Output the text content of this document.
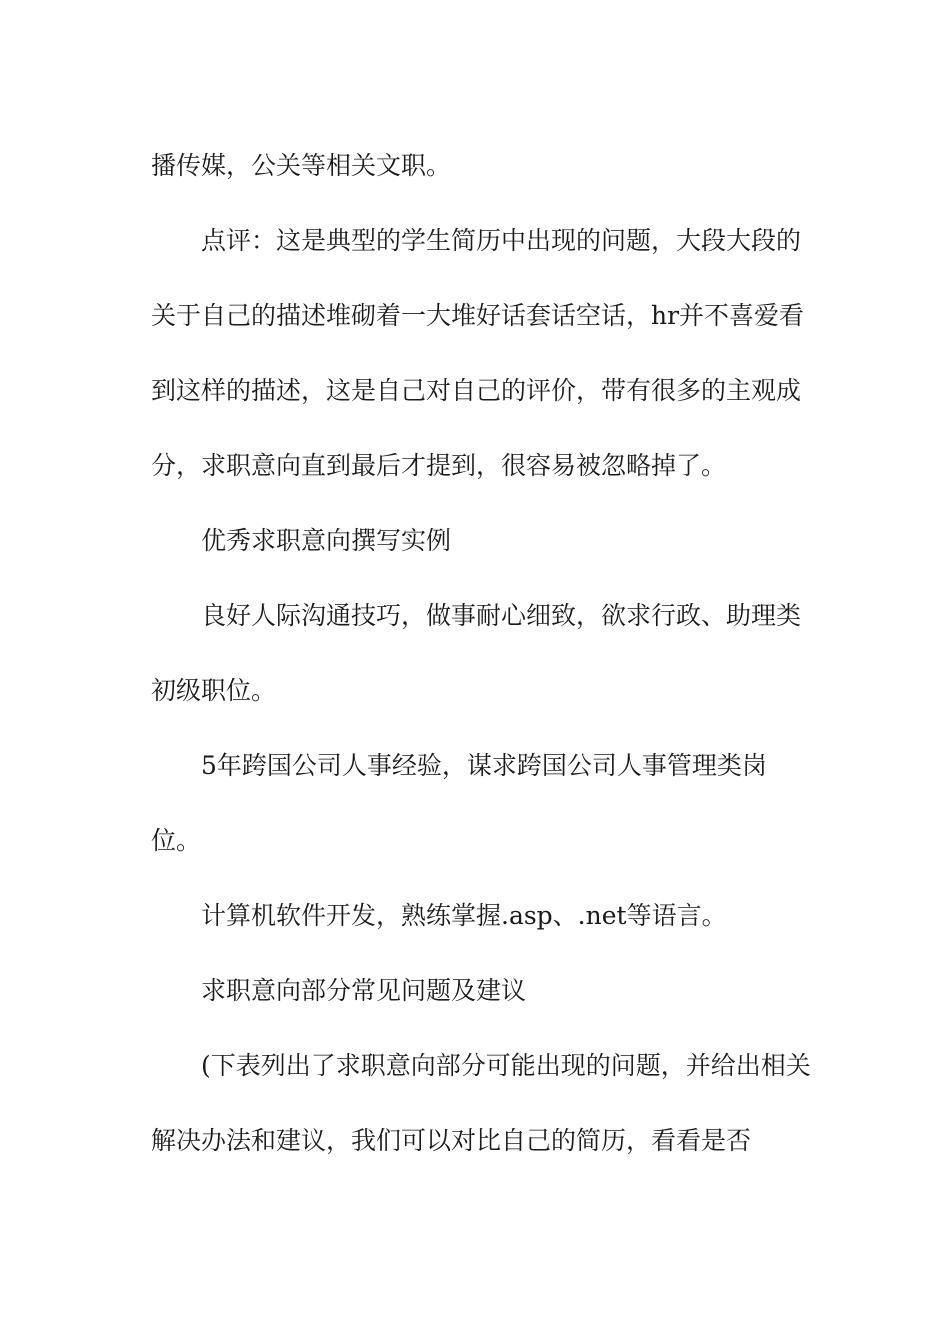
播传媒，公关等相关文职。

点评：这是典型的学生简历中出现的问题，大段大段的关于自己的描述堆砌着一大堆好话套话空话，hr并不喜爱看到这样的描述，这是自己对自己的评价，带有很多的主观成分，求职意向直到最后才提到，很容易被忽略掉了。

优秀求职意向撰写实例

良好人际沟通技巧，做事耐心细致，欲求行政、助理类初级职位。

5年跨国公司人事经验，谋求跨国公司人事管理类岗位。

计算机软件开发，熟练掌握.asp、.net等语言。

求职意向部分常见问题及建议

(下表列出了求职意向部分可能出现的问题，并给出相关解决办法和建议，我们可以对比自己的简历，看看是否
